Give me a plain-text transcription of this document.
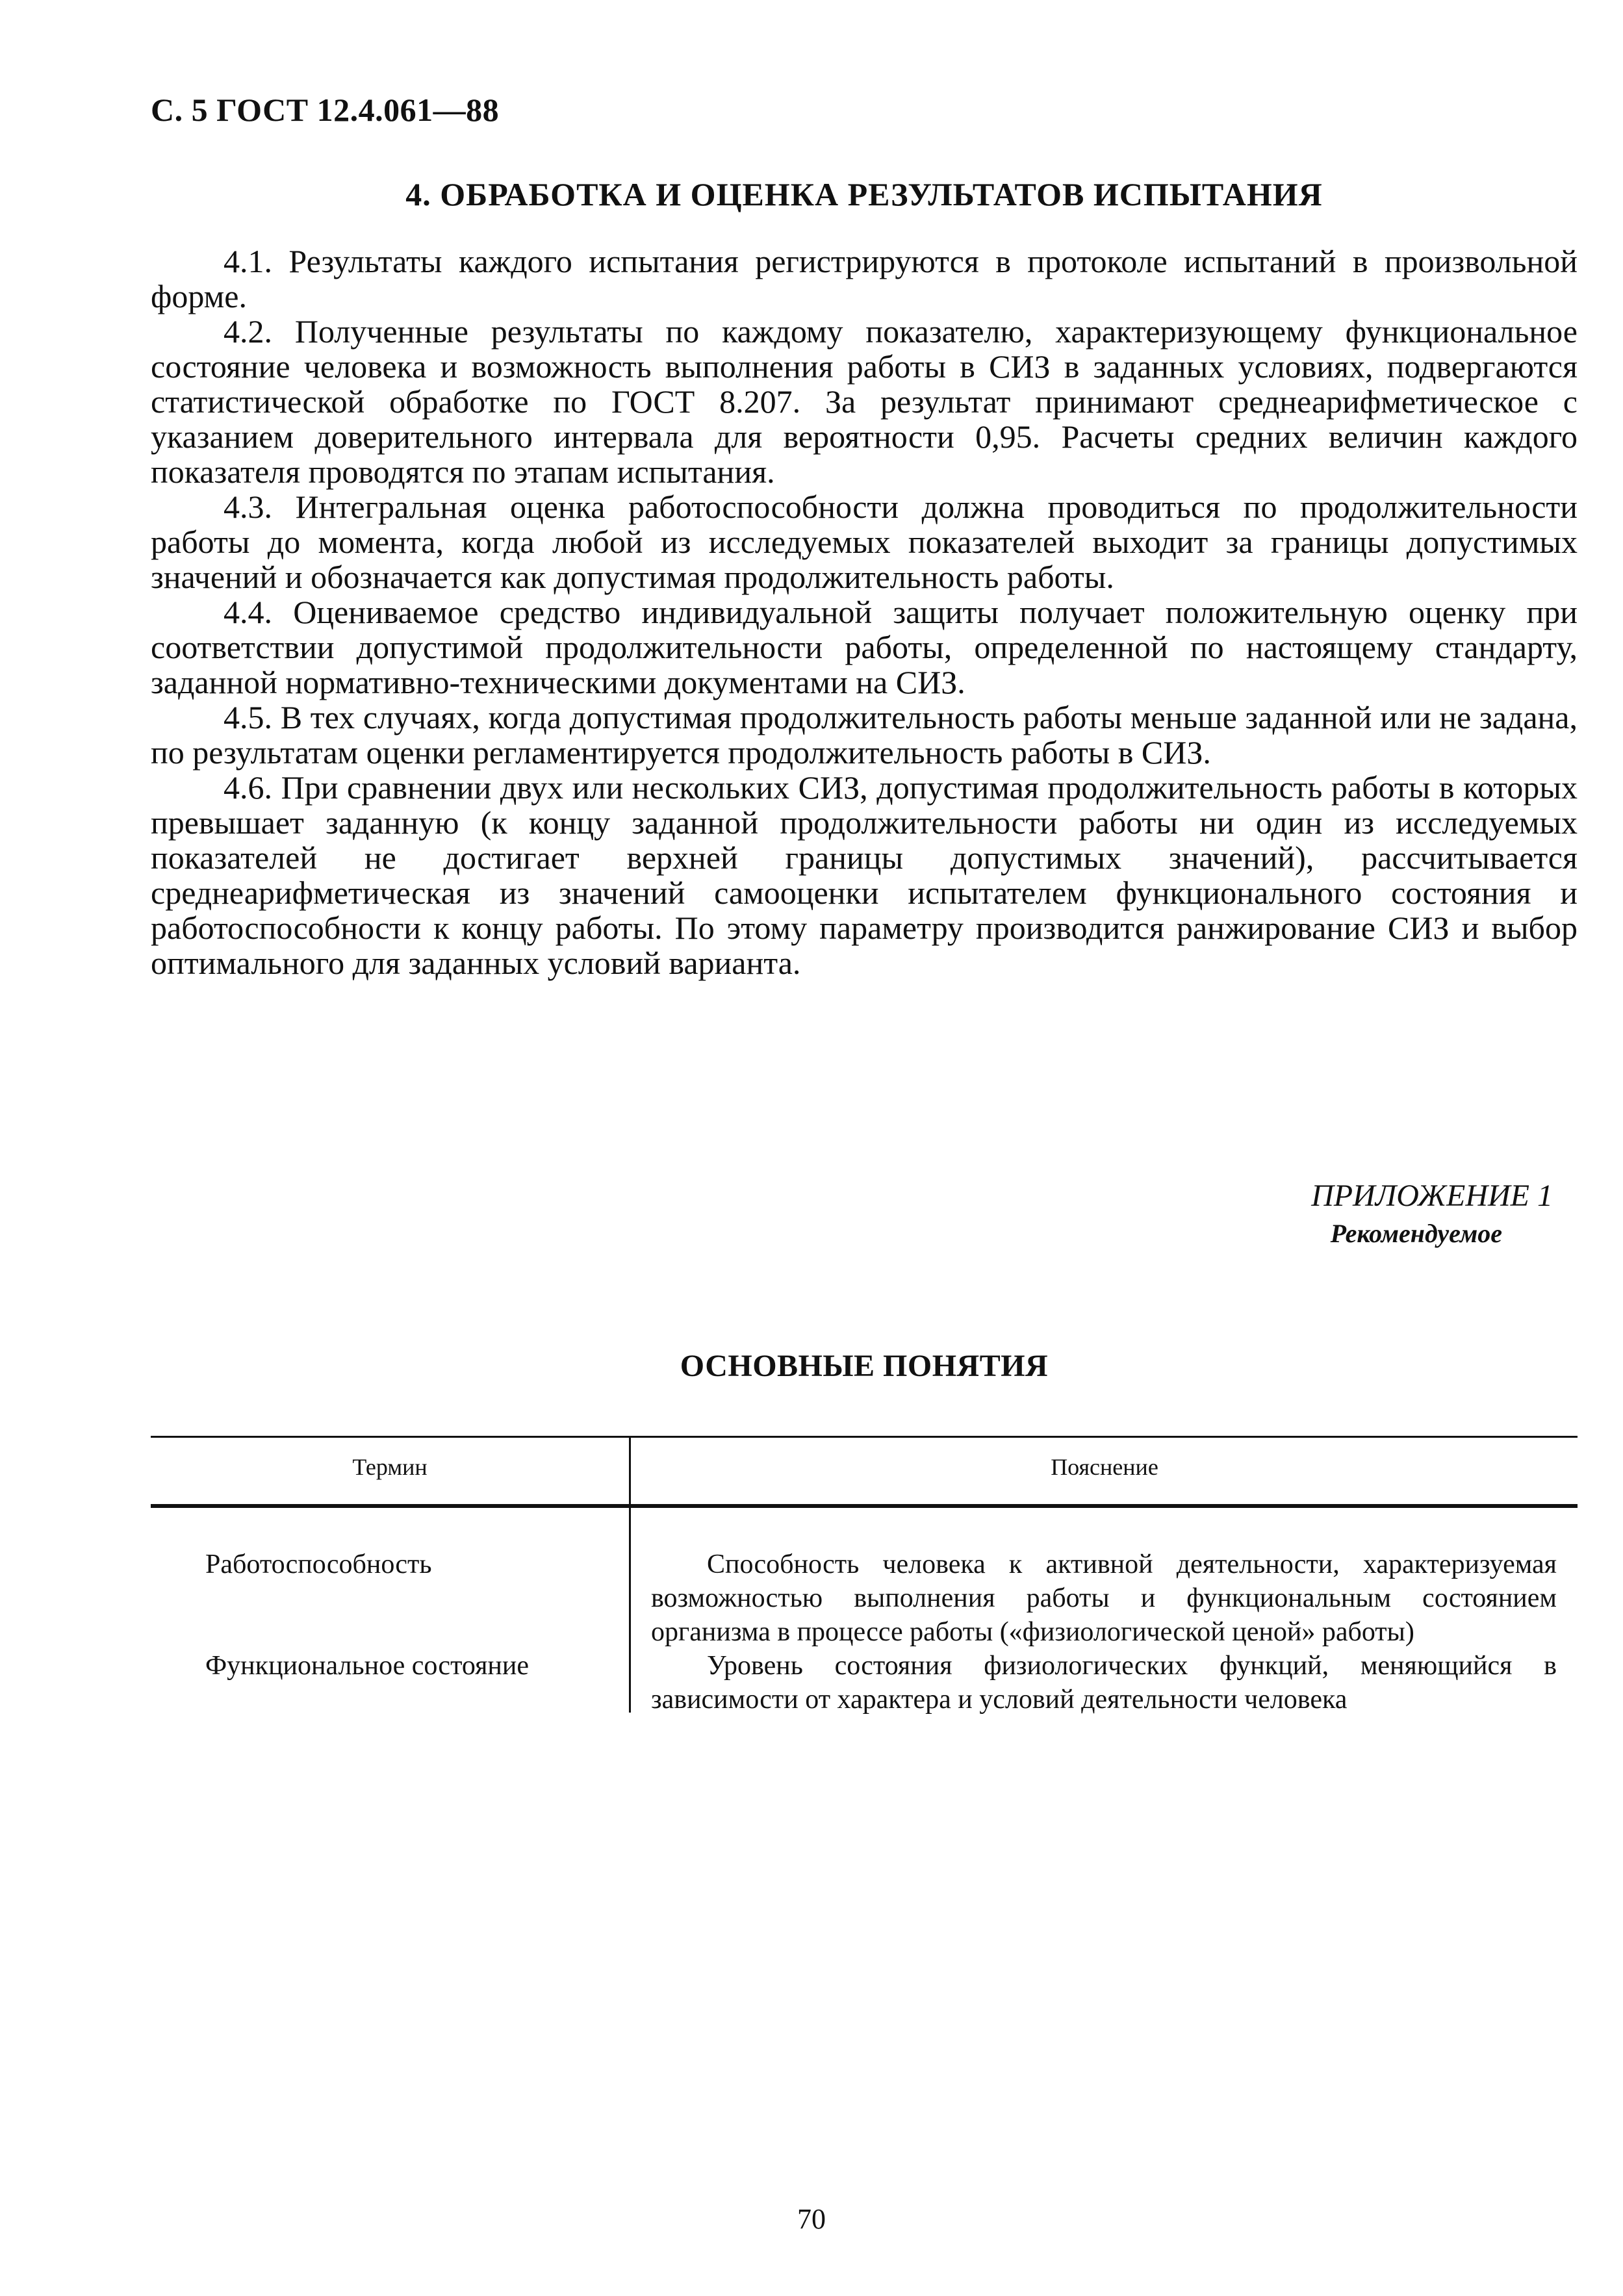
С. 5 ГОСТ 12.4.061—88
4. ОБРАБОТКА И ОЦЕНКА РЕЗУЛЬТАТОВ ИСПЫТАНИЯ

4.1. Результаты каждого испытания регистрируются в протоколе испытаний в произвольной форме.

4.2. Полученные результаты по каждому показателю, характеризующему функциональное состояние человека и возможность выполнения работы в СИЗ в заданных условиях, подвергаются статистической обработке по ГОСТ 8.207. За результат принимают среднеарифметическое с указанием доверительного интервала для вероятности 0,95. Расчеты средних величин каждого показателя проводятся по этапам испытания.

4.3. Интегральная оценка работоспособности должна проводиться по продолжительности работы до момента, когда любой из исследуемых показателей выходит за границы допустимых значений и обозначается как допустимая продолжительность работы.

4.4. Оцениваемое средство индивидуальной защиты получает положительную оценку при соответствии допустимой продолжительности работы, определенной по настоящему стандарту, заданной нормативно-техническими документами на СИЗ.

4.5. В тех случаях, когда допустимая продолжительность работы меньше заданной или не задана, по результатам оценки регламентируется продолжительность работы в СИЗ.

4.6. При сравнении двух или нескольких СИЗ, допустимая продолжительность работы в которых превышает заданную (к концу заданной продолжительности работы ни один из исследуемых показателей не достигает верхней границы допустимых значений), рассчитывается среднеарифметическая из значений самооценки испытателем функционального состояния и работоспособности к концу работы. По этому параметру производится ранжирование СИЗ и выбор оптимального для заданных условий варианта.

ПРИЛОЖЕНИЕ 1
Рекомендуемое
ОСНОВНЫЕ ПОНЯТИЯ
Термин	Пояснение
Работоспособность	Способность человека к активной деятельности, характеризуемая возможностью выполнения работы и функциональным состоянием организма в процессе работы («физиологической ценой» работы)
Функциональное состояние	Уровень состояния физиологических функций, меняющийся в зависимости от характера и условий деятельности человека
70
